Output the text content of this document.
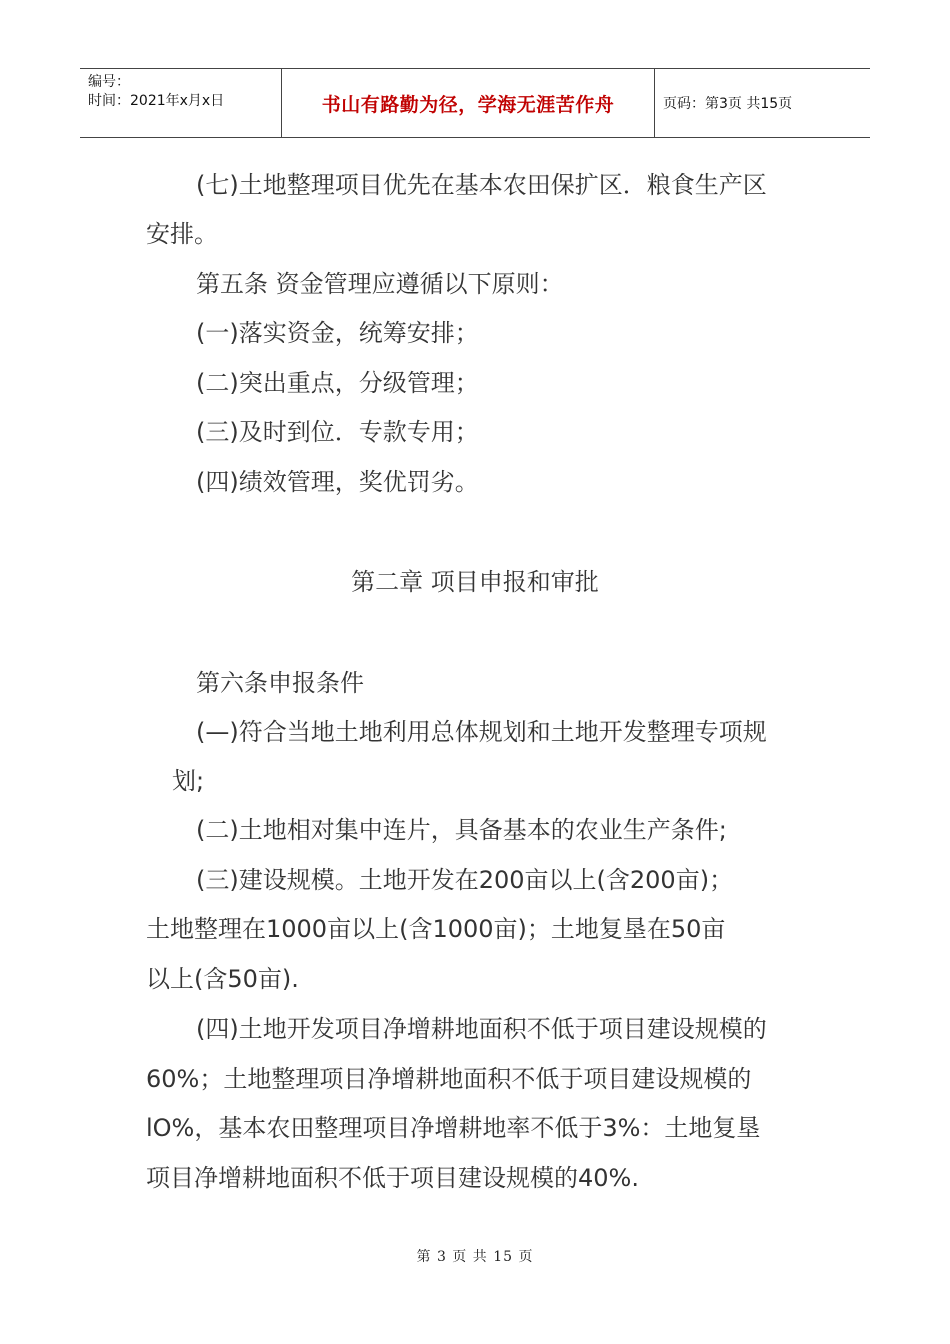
编号：
时间：2021年x月x日	书山有路勤为径，学海无涯苦作舟	页码：第3页 共15页
(七)土地整理项目优先在基本农田保扩区．粮食生产区
安排。
第五条 资金管理应遵循以下原则：
(一)落实资金，统筹安排；
(二)突出重点，分级管理；
(三)及时到位．专款专用；
(四)绩效管理，奖优罚劣。
第二章 项目申报和审批
第六条申报条件
(—)符合当地土地利用总体规划和土地开发整理专项规
划;
(二)土地相对集中连片，具备基本的农业生产条件;
(三)建设规模。土地开发在200亩以上(含200亩)；
土地整理在1000亩以上(含1000亩)；土地复垦在50亩
以上(含50亩).
(四)土地开发项目净增耕地面积不低于项目建设规模的
60%；土地整理项目净增耕地面积不低于项目建设规模的
lO%，基本农田整理项目净增耕地率不低于3%：土地复垦
项目净增耕地面积不低于项目建设规模的40%.
第 3 页 共 15 页
